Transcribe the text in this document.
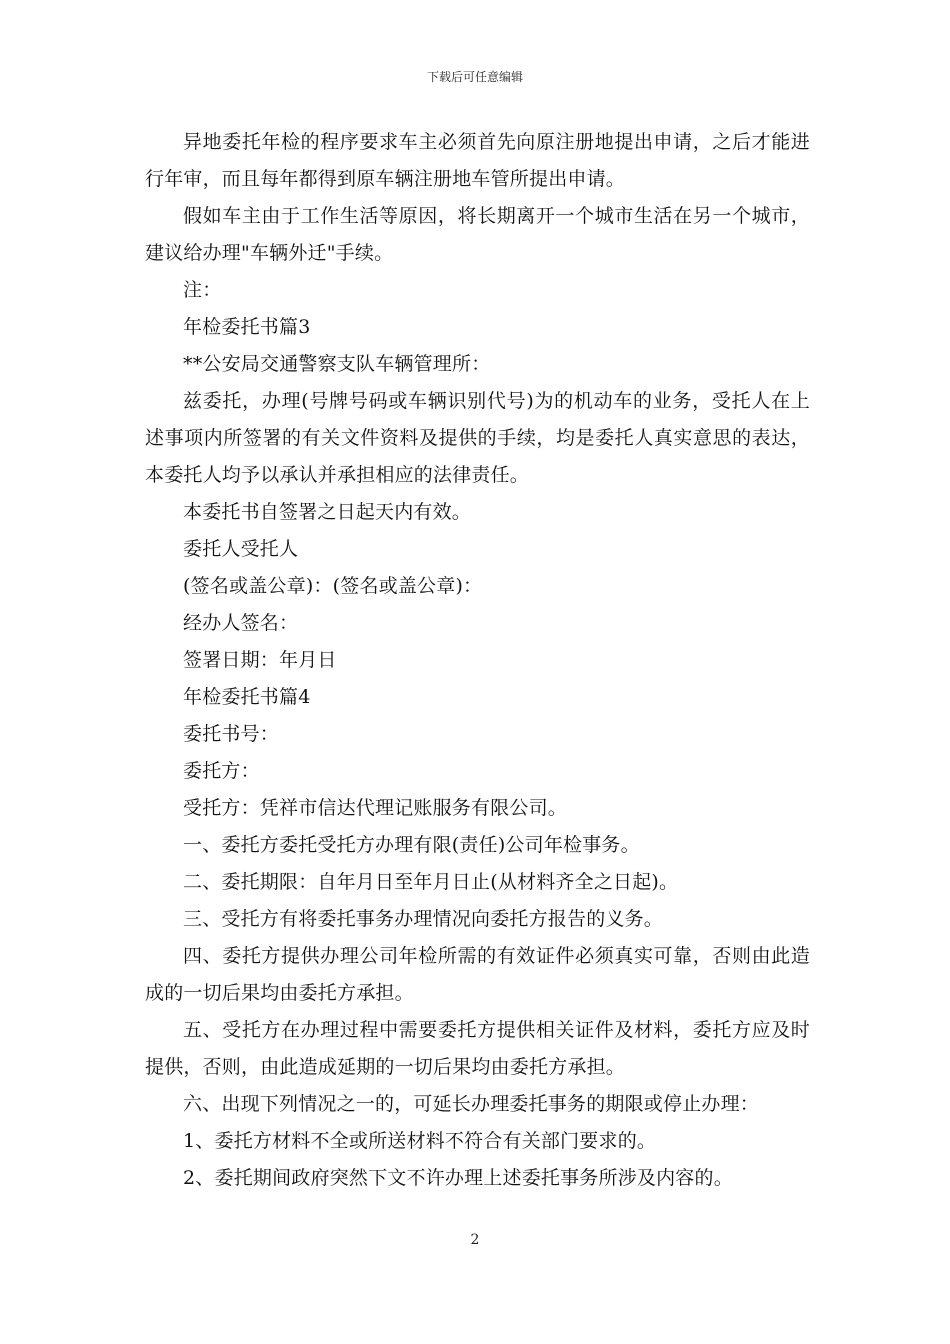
下载后可任意编辑

异地委托年检的程序要求车主必须首先向原注册地提出申请，之后才能进行年审，而且每年都得到原车辆注册地车管所提出申请。

假如车主由于工作生活等原因，将长期离开一个城市生活在另一个城市，建议给办理"车辆外迁"手续。

注：

年检委托书篇3

**公安局交通警察支队车辆管理所：

兹委托，办理(号牌号码或车辆识别代号)为的机动车的业务，受托人在上述事项内所签署的有关文件资料及提供的手续，均是委托人真实意思的表达，本委托人均予以承认并承担相应的法律责任。

本委托书自签署之日起天内有效。

委托人受托人

(签名或盖公章)：(签名或盖公章)：

经办人签名：

签署日期：年月日

年检委托书篇4

委托书号：

委托方：

受托方：凭祥市信达代理记账服务有限公司。

一、委托方委托受托方办理有限(责任)公司年检事务。

二、委托期限：自年月日至年月日止(从材料齐全之日起)。

三、受托方有将委托事务办理情况向委托方报告的义务。

四、委托方提供办理公司年检所需的有效证件必须真实可靠，否则由此造成的一切后果均由委托方承担。

五、受托方在办理过程中需要委托方提供相关证件及材料，委托方应及时提供，否则，由此造成延期的一切后果均由委托方承担。

六、出现下列情况之一的，可延长办理委托事务的期限或停止办理：

1、委托方材料不全或所送材料不符合有关部门要求的。

2、委托期间政府突然下文不许办理上述委托事务所涉及内容的。

2
